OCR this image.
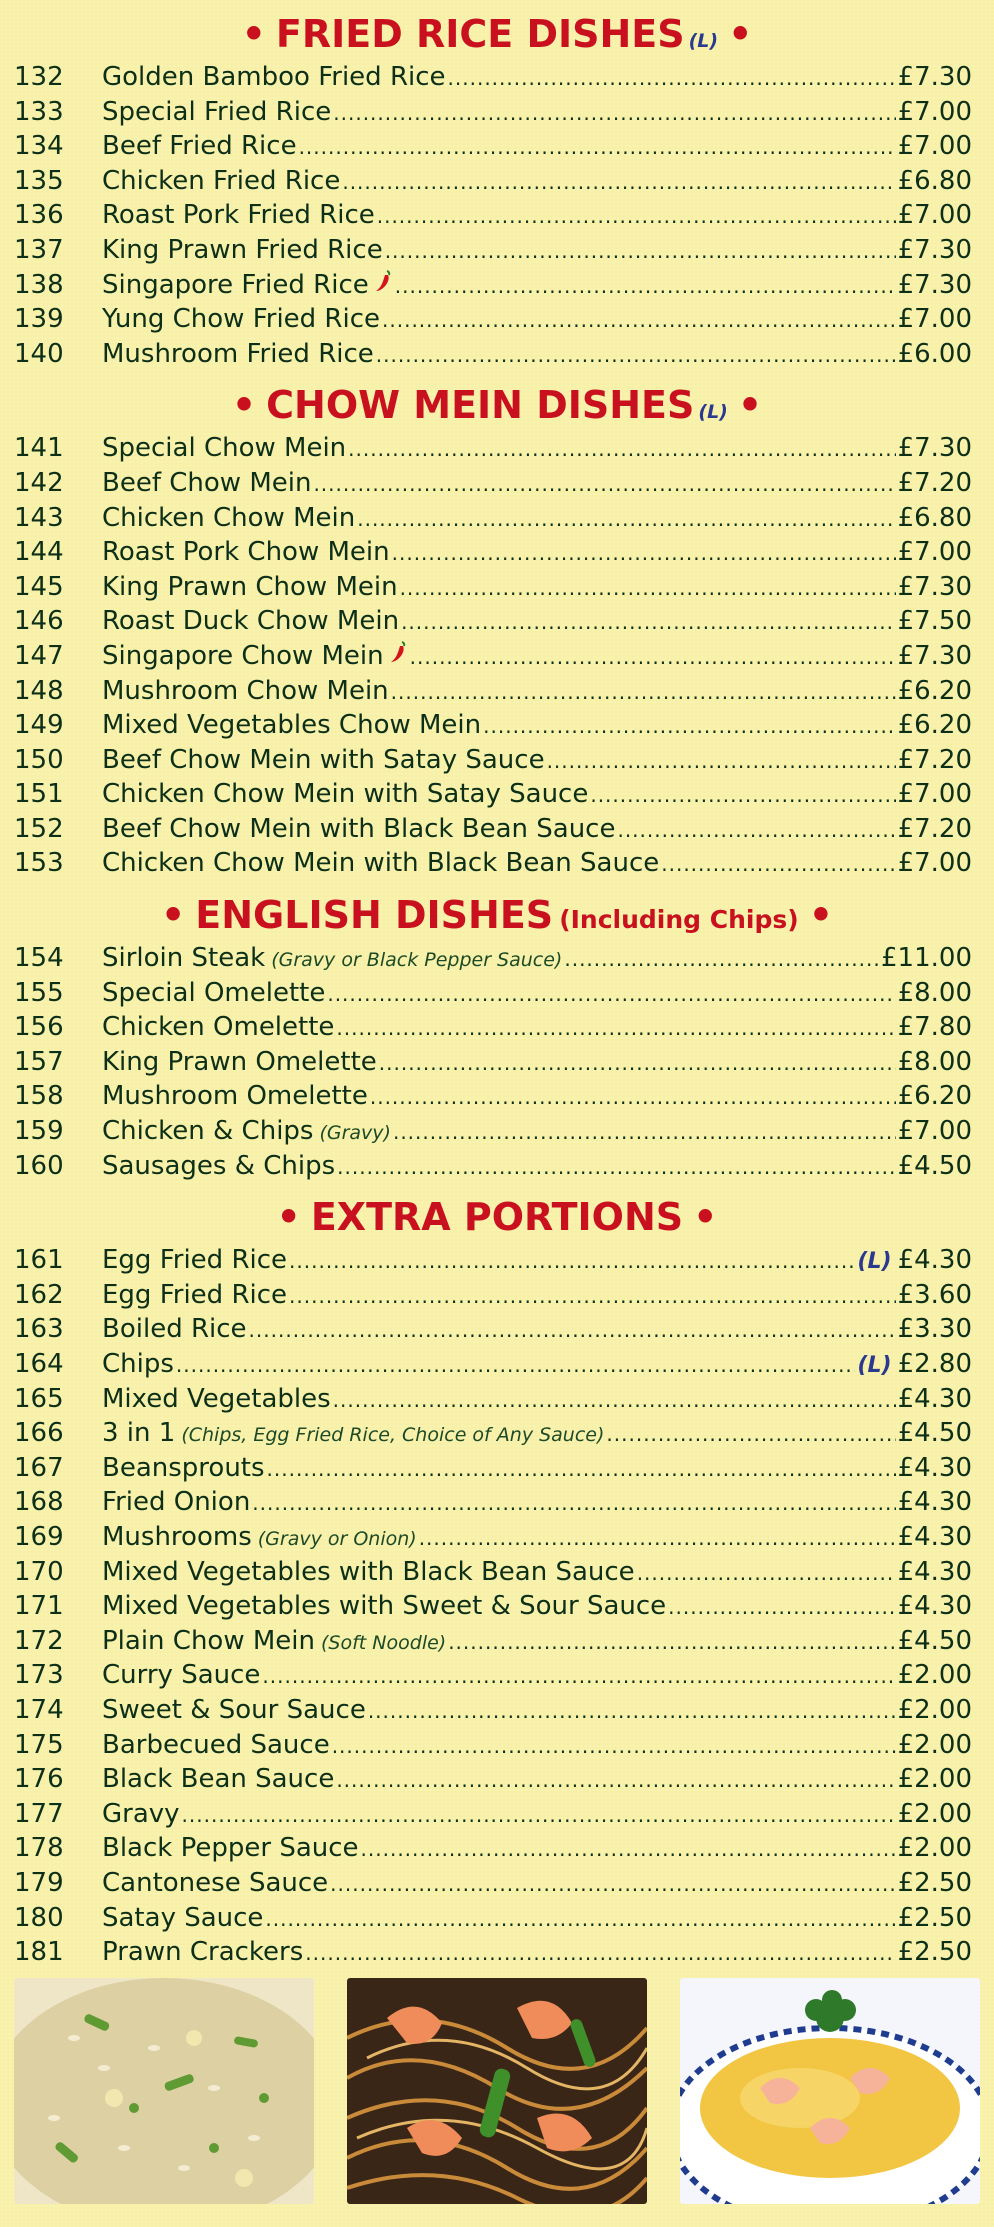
• FRIED RICE DISHES (L) •
132	Golden Bamboo Fried Rice .....	£7.30
133	Special Fried Rice .....	£7.00
134	Beef Fried Rice .....	£7.00
135	Chicken Fried Rice .....	£6.80
136	Roast Pork Fried Rice .....	£7.00
137	King Prawn Fried Rice .....	£7.30
138	Singapore Fried Rice .....	£7.30
139	Yung Chow Fried Rice .....	£7.00
140	Mushroom Fried Rice .....	£6.00
• CHOW MEIN DISHES (L) •
141	Special Chow Mein .....	£7.30
142	Beef Chow Mein .....	£7.20
143	Chicken Chow Mein .....	£6.80
144	Roast Pork Chow Mein .....	£7.00
145	King Prawn Chow Mein .....	£7.30
146	Roast Duck Chow Mein .....	£7.50
147	Singapore Chow Mein .....	£7.30
148	Mushroom Chow Mein .....	£6.20
149	Mixed Vegetables Chow Mein .....	£6.20
150	Beef Chow Mein with Satay Sauce .....	£7.20
151	Chicken Chow Mein with Satay Sauce .....	£7.00
152	Beef Chow Mein with Black Bean Sauce .....	£7.20
153	Chicken Chow Mein with Black Bean Sauce .....	£7.00
• ENGLISH DISHES (Including Chips) •
154	Sirloin Steak (Gravy or Black Pepper Sauce) .....	£11.00
155	Special Omelette .....	£8.00
156	Chicken Omelette .....	£7.80
157	King Prawn Omelette .....	£8.00
158	Mushroom Omelette .....	£6.20
159	Chicken & Chips (Gravy) .....	£7.00
160	Sausages & Chips .....	£4.50
• EXTRA PORTIONS •
161	Egg Fried Rice .....	(L) £4.30
162	Egg Fried Rice .....	£3.60
163	Boiled Rice .....	£3.30
164	Chips .....	(L) £2.80
165	Mixed Vegetables .....	£4.30
166	3 in 1 (Chips, Egg Fried Rice, Choice of Any Sauce) .....	£4.50
167	Beansprouts .....	£4.30
168	Fried Onion .....	£4.30
169	Mushrooms (Gravy or Onion) .....	£4.30
170	Mixed Vegetables with Black Bean Sauce .....	£4.30
171	Mixed Vegetables with Sweet & Sour Sauce .....	£4.30
172	Plain Chow Mein (Soft Noodle) .....	£4.50
173	Curry Sauce .....	£2.00
174	Sweet & Sour Sauce .....	£2.00
175	Barbecued Sauce .....	£2.00
176	Black Bean Sauce .....	£2.00
177	Gravy .....	£2.00
178	Black Pepper Sauce .....	£2.00
179	Cantonese Sauce .....	£2.50
180	Satay Sauce .....	£2.50
181	Prawn Crackers .....	£2.50
